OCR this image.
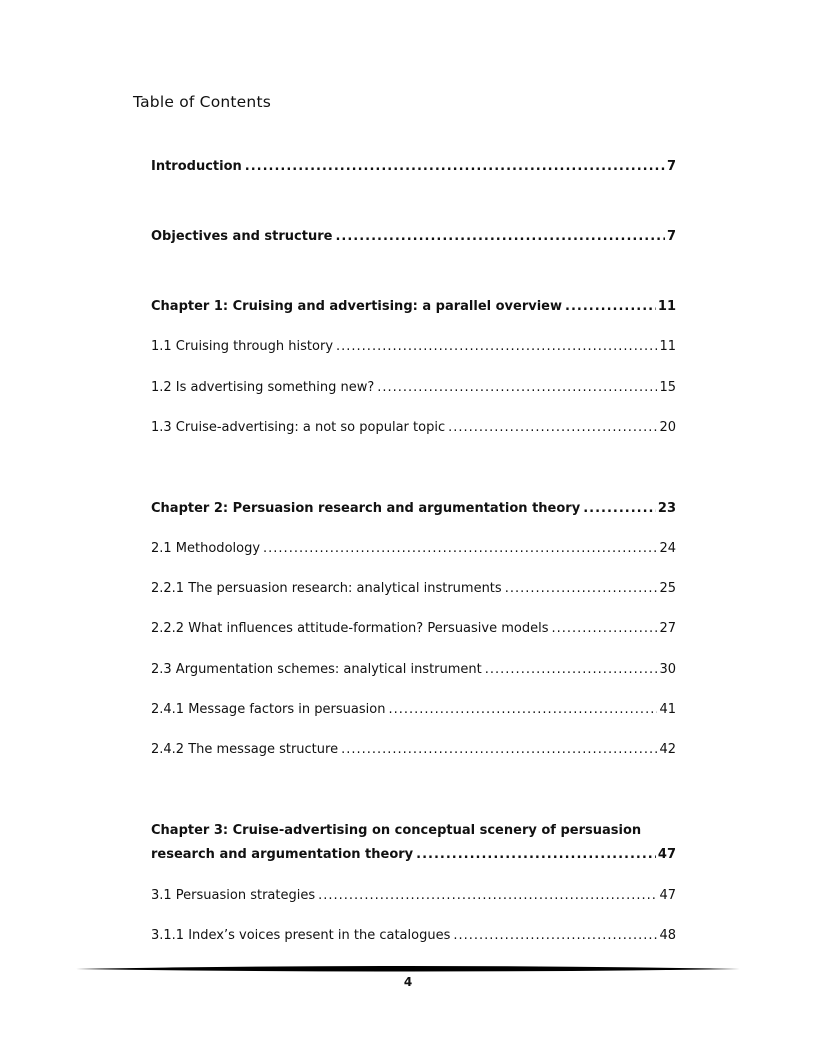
Table of Contents
Introduction .....	7
Objectives and structure .....	7
Chapter 1: Cruising and advertising: a parallel overview .....	11
1.1 Cruising through history .....	11
1.2 Is advertising something new? .....	15
1.3 Cruise-advertising: a not so popular topic .....	20
Chapter 2: Persuasion research and argumentation theory .....	23
2.1 Methodology .....	24
2.2.1 The persuasion research: analytical instruments .....	25
2.2.2 What influences attitude-formation? Persuasive models .....	27
2.3 Argumentation schemes: analytical instrument .....	30
2.4.1 Message factors in persuasion .....	41
2.4.2 The message structure .....	42
Chapter 3: Cruise-advertising on conceptual scenery of persuasion
research and argumentation theory .....	47
3.1 Persuasion strategies .....	47
3.1.1 Index’s voices present in the catalogues .....	48
4
